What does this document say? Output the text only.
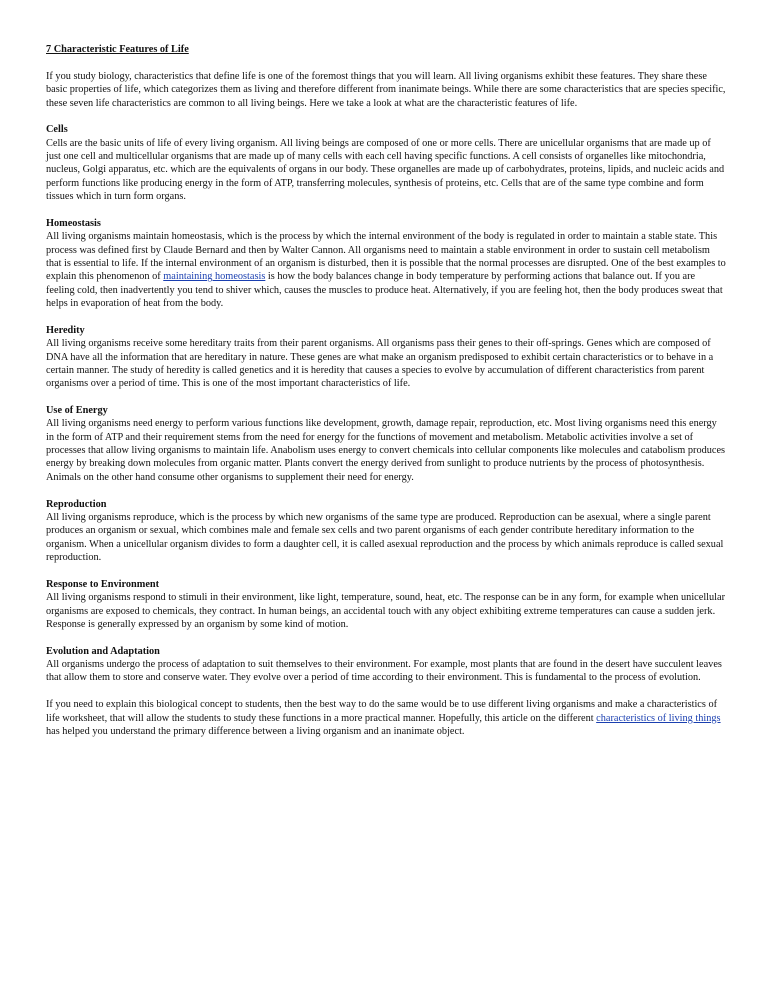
7 Characteristic Features of Life

If you study biology, characteristics that define life is one of the foremost things that you will learn. All living organisms exhibit these features. They share these basic properties of life, which categorizes them as living and therefore different from inanimate beings. While there are some characteristics that are species specific, these seven life characteristics are common to all living beings. Here we take a look at what are the characteristic features of life.

Cells
Cells are the basic units of life of every living organism. All living beings are composed of one or more cells. There are unicellular organisms that are made up of just one cell and multicellular organisms that are made up of many cells with each cell having specific functions. A cell consists of organelles like mitochondria, nucleus, Golgi apparatus, etc. which are the equivalents of organs in our body. These organelles are made up of carbohydrates, proteins, lipids, and nucleic acids and perform functions like producing energy in the form of ATP, transferring molecules, synthesis of proteins, etc. Cells that are of the same type combine and form tissues which in turn form organs.
Homeostasis
All living organisms maintain homeostasis, which is the process by which the internal environment of the body is regulated in order to maintain a stable state. This process was defined first by Claude Bernard and then by Walter Cannon. All organisms need to maintain a stable environment in order to sustain cell metabolism that is essential to life. If the internal environment of an organism is disturbed, then it is possible that the normal processes are disrupted. One of the best examples to explain this phenomenon of maintaining homeostasis is how the body balances change in body temperature by performing actions that balance out. If you are feeling cold, then inadvertently you tend to shiver which, causes the muscles to produce heat. Alternatively, if you are feeling hot, then the body produces sweat that helps in evaporation of heat from the body.
Heredity
All living organisms receive some hereditary traits from their parent organisms. All organisms pass their genes to their off-springs. Genes which are composed of DNA have all the information that are hereditary in nature. These genes are what make an organism predisposed to exhibit certain characteristics or to behave in a certain manner. The study of heredity is called genetics and it is heredity that causes a species to evolve by accumulation of different characteristics from parent organisms over a period of time. This is one of the most important characteristics of life.
Use of Energy
All living organisms need energy to perform various functions like development, growth, damage repair, reproduction, etc. Most living organisms need this energy in the form of ATP and their requirement stems from the need for energy for the functions of movement and metabolism. Metabolic activities involve a set of processes that allow living organisms to maintain life. Anabolism uses energy to convert chemicals into cellular components like molecules and catabolism produces energy by breaking down molecules from organic matter. Plants convert the energy derived from sunlight to produce nutrients by the process of photosynthesis. Animals on the other hand consume other organisms to supplement their need for energy.
Reproduction
All living organisms reproduce, which is the process by which new organisms of the same type are produced. Reproduction can be asexual, where a single parent produces an organism or sexual, which combines male and female sex cells and two parent organisms of each gender contribute hereditary information to the organism. When a unicellular organism divides to form a daughter cell, it is called asexual reproduction and the process by which animals reproduce is called sexual reproduction.
Response to Environment
All living organisms respond to stimuli in their environment, like light, temperature, sound, heat, etc. The response can be in any form, for example when unicellular organisms are exposed to chemicals, they contract. In human beings, an accidental touch with any object exhibiting extreme temperatures can cause a sudden jerk. Response is generally expressed by an organism by some kind of motion.
Evolution and Adaptation
All organisms undergo the process of adaptation to suit themselves to their environment. For example, most plants that are found in the desert have succulent leaves that allow them to store and conserve water. They evolve over a period of time according to their environment. This is fundamental to the process of evolution.

If you need to explain this biological concept to students, then the best way to do the same would be to use different living organisms and make a characteristics of life worksheet, that will allow the students to study these functions in a more practical manner. Hopefully, this article on the different characteristics of living things has helped you understand the primary difference between a living organism and an inanimate object.
